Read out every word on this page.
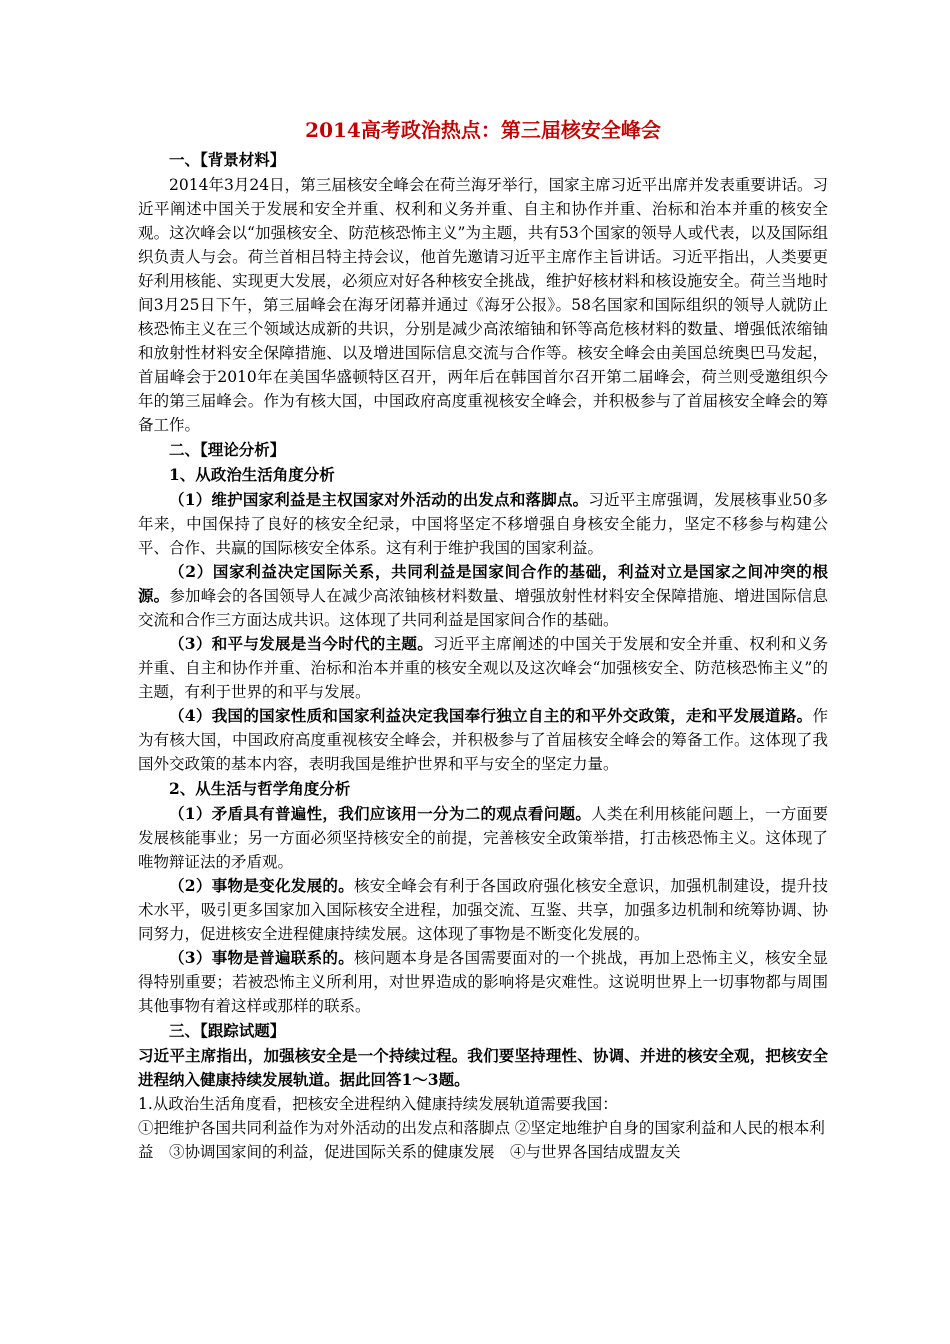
2014高考政治热点：第三届核安全峰会

一、【背景材料】

2014年3月24日，第三届核安全峰会在荷兰海牙举行，国家主席习近平出席并发表重要讲话。习近平阐述中国关于发展和安全并重、权利和义务并重、自主和协作并重、治标和治本并重的核安全观。这次峰会以“加强核安全、防范核恐怖主义”为主题，共有53个国家的领导人或代表，以及国际组织负责人与会。荷兰首相吕特主持会议，他首先邀请习近平主席作主旨讲话。习近平指出，人类要更好利用核能、实现更大发展，必须应对好各种核安全挑战，维护好核材料和核设施安全。荷兰当地时间3月25日下午，第三届峰会在海牙闭幕并通过《海牙公报》。58名国家和国际组织的领导人就防止核恐怖主义在三个领域达成新的共识，分别是减少高浓缩铀和钚等高危核材料的数量、增强低浓缩铀和放射性材料安全保障措施、以及增进国际信息交流与合作等。核安全峰会由美国总统奥巴马发起，首届峰会于2010年在美国华盛顿特区召开，两年后在韩国首尔召开第二届峰会，荷兰则受邀组织今年的第三届峰会。作为有核大国，中国政府高度重视核安全峰会，并积极参与了首届核安全峰会的筹备工作。

二、【理论分析】

1、从政治生活角度分析

（1）维护国家利益是主权国家对外活动的出发点和落脚点。习近平主席强调，发展核事业50多年来，中国保持了良好的核安全纪录，中国将坚定不移增强自身核安全能力，坚定不移参与构建公平、合作、共赢的国际核安全体系。这有利于维护我国的国家利益。

（2）国家利益决定国际关系，共同利益是国家间合作的基础，利益对立是国家之间冲突的根源。参加峰会的各国领导人在减少高浓铀核材料数量、增强放射性材料安全保障措施、增进国际信息交流和合作三方面达成共识。这体现了共同利益是国家间合作的基础。

（3）和平与发展是当今时代的主题。习近平主席阐述的中国关于发展和安全并重、权利和义务并重、自主和协作并重、治标和治本并重的核安全观以及这次峰会“加强核安全、防范核恐怖主义”的主题，有利于世界的和平与发展。

（4）我国的国家性质和国家利益决定我国奉行独立自主的和平外交政策，走和平发展道路。作为有核大国，中国政府高度重视核安全峰会，并积极参与了首届核安全峰会的筹备工作。这体现了我国外交政策的基本内容，表明我国是维护世界和平与安全的坚定力量。

2、从生活与哲学角度分析

（1）矛盾具有普遍性，我们应该用一分为二的观点看问题。人类在利用核能问题上，一方面要发展核能事业；另一方面必须坚持核安全的前提，完善核安全政策举措，打击核恐怖主义。这体现了唯物辩证法的矛盾观。

（2）事物是变化发展的。核安全峰会有利于各国政府强化核安全意识，加强机制建设，提升技术水平，吸引更多国家加入国际核安全进程，加强交流、互鉴、共享，加强多边机制和统筹协调、协同努力，促进核安全进程健康持续发展。这体现了事物是不断变化发展的。

（3）事物是普遍联系的。核问题本身是各国需要面对的一个挑战，再加上恐怖主义，核安全显得特别重要；若被恐怖主义所利用，对世界造成的影响将是灾难性。这说明世界上一切事物都与周围其他事物有着这样或那样的联系。

三、【跟踪试题】

习近平主席指出，加强核安全是一个持续过程。我们要坚持理性、协调、并进的核安全观，把核安全进程纳入健康持续发展轨道。据此回答1～3题。

1.从政治生活角度看，把核安全进程纳入健康持续发展轨道需要我国：

①把维护各国共同利益作为对外活动的出发点和落脚点 ②坚定地维护自身的国家利益和人民的根本利益　③协调国家间的利益，促进国际关系的健康发展　④与世界各国结成盟友关
